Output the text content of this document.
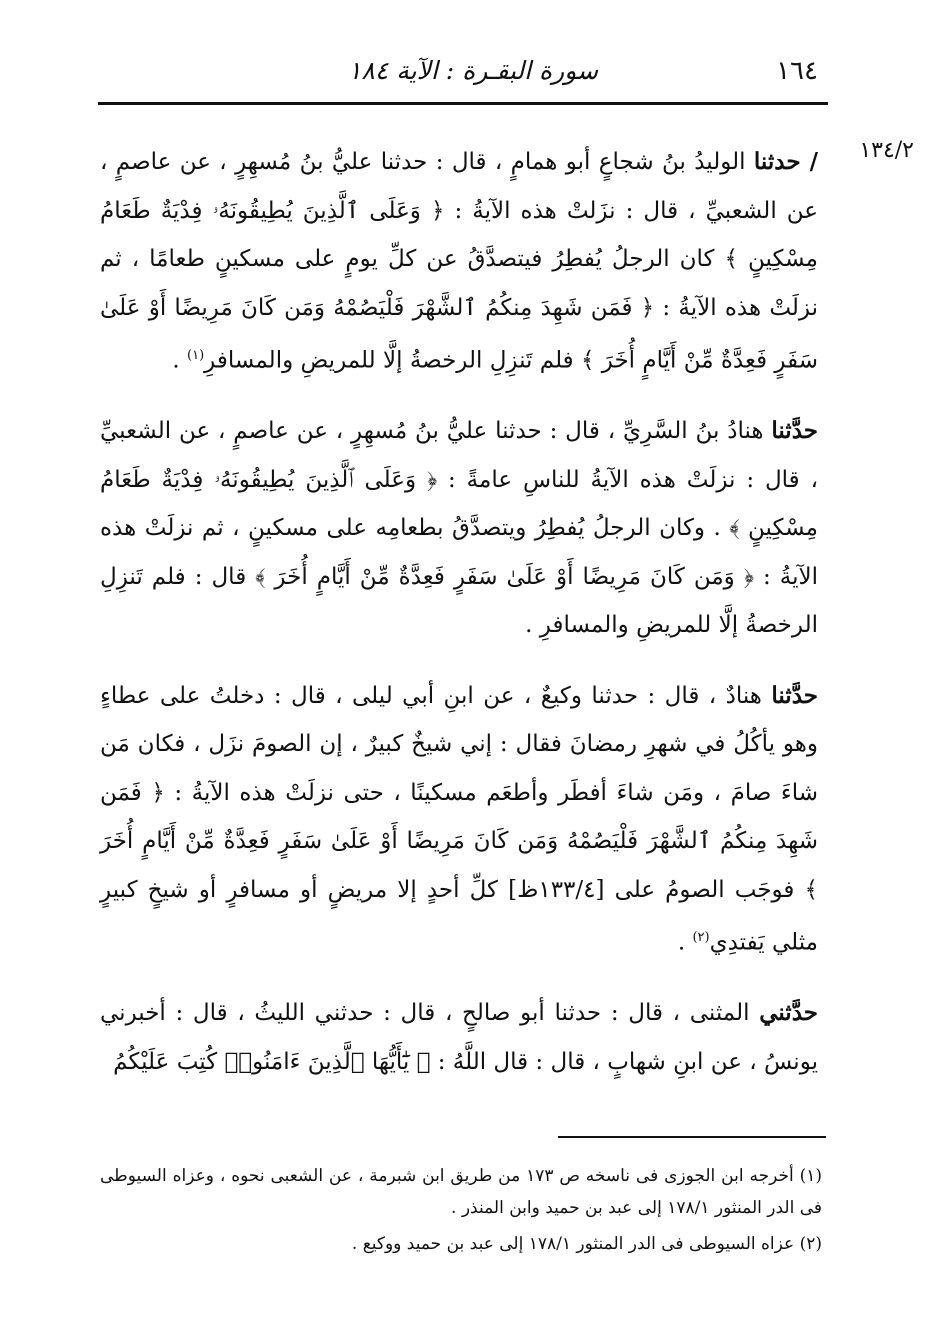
١٦٤
سورة البقـرة : الآية ١٨٤
١٣٤/٢

/ حدثنا الوليدُ بنُ شجاعٍ أبو همامٍ ، قال : حدثنا عليُّ بنُ مُسهِرٍ ، عن عاصمٍ ، عن الشعبيِّ ، قال : نزَلتْ هذه الآيةُ : ﴿ وَعَلَى ٱلَّذِينَ يُطِيقُونَهُۥ فِدْيَةٌ طَعَامُ مِسْكِينٍ ﴾ كان الرجلُ يُفطِرُ فيتصدَّقُ عن كلِّ يومٍ على مسكينٍ طعامًا ، ثم نزلَتْ هذه الآيةُ : ﴿ فَمَن شَهِدَ مِنكُمُ ٱلشَّهْرَ فَلْيَصُمْهُ وَمَن كَانَ مَرِيضًا أَوْ عَلَىٰ سَفَرٍ فَعِدَّةٌ مِّنْ أَيَّامٍ أُخَرَ ﴾ فلم تَنزِلِ الرخصةُ إلَّا للمريضِ والمسافرِ$^{(١)}$ .

حدَّثنا هنادُ بنُ السَّرِيِّ ، قال : حدثنا عليُّ بنُ مُسهِرٍ ، عن عاصمٍ ، عن الشعبيِّ ، قال : نزلَتْ هذه الآيةُ للناسِ عامةً : ﴿ وَعَلَى ٱلَّذِينَ يُطِيقُونَهُۥ فِدْيَةٌ طَعَامُ مِسْكِينٍ ﴾ . وكان الرجلُ يُفطِرُ ويتصدَّقُ بطعامِه على مسكينٍ ، ثم نزلَتْ هذه الآيةُ : ﴿ وَمَن كَانَ مَرِيضًا أَوْ عَلَىٰ سَفَرٍ فَعِدَّةٌ مِّنْ أَيَّامٍ أُخَرَ ﴾ قال : فلم تَنزِلِ الرخصةُ إلَّا للمريضِ والمسافرِ .

حدَّثنا هنادٌ ، قال : حدثنا وكيعٌ ، عن ابنِ أبي ليلى ، قال : دخلتُ على عطاءٍ وهو يأكُلُ في شهرِ رمضانَ فقال : إني شيخٌ كبيرٌ ، إن الصومَ نزَل ، فكان مَن شاءَ صامَ ، ومَن شاءَ أفطَر وأطعَم مسكينًا ، حتى نزلَتْ هذه الآيةُ : ﴿ فَمَن شَهِدَ مِنكُمُ ٱلشَّهْرَ فَلْيَصُمْهُ وَمَن كَانَ مَرِيضًا أَوْ عَلَىٰ سَفَرٍ فَعِدَّةٌ مِّنْ أَيَّامٍ أُخَرَ ﴾ فوجَب الصومُ على [١٣٣/٤ظ] كلِّ أحدٍ إلا مريضٍ أو مسافرٍ أو شيخٍ كبيرٍ مثلي يَفتدِي$^{(٢)}$ .

حدَّثني المثنى ، قال : حدثنا أبو صالحٍ ، قال : حدثني الليثُ ، قال : أخبرني يونسُ ، عن ابنِ شهابٍ ، قال : قال اللَّهُ : ﴿ يَٰٓأَيُّهَا ٱلَّذِينَ ءَامَنُوا۟ كُتِبَ عَلَيْكُمُ

(١) أخرجه ابن الجوزى فى ناسخه ص ١٧٣ من طريق ابن شبرمة ، عن الشعبى نحوه ، وعزاه السيوطى فى الدر المنثور ١٧٨/١ إلى عبد بن حميد وابن المنذر .

(٢) عزاه السيوطى فى الدر المنثور ١٧٨/١ إلى عبد بن حميد ووكيع .
